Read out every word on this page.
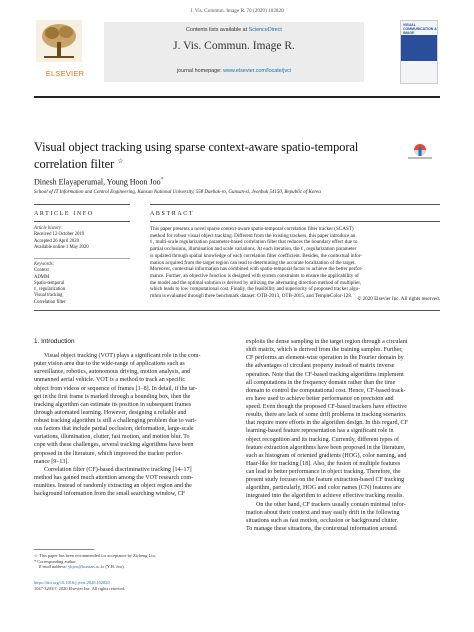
J. Vis. Commun. Image R. 70 (2020) 102820
ELSEVIER
Contents lists available at ScienceDirect
J. Vis. Commun. Image R.
journal homepage: www.elsevier.com/locate/jvci
VISUAL COMMUNICATION & IMAGE
Visual object tracking using sparse context-aware spatio-temporal
correlation filter ☆
Dinesh Elayaperumal, Young Hoon Joo*
School of IT Information and Control Engineering, Kunsan National University, 558 Daehak-ro, Gunsan-si, Jeonbuk 54150, Republic of Korea
ARTICLE INFO	ABSTRACT
Article history:
Received 12 October 2019
Accepted 26 April 2020
Available online 1 May 2020
Keywords:
Context
ADMM
Spatio-temporal
ℓ₁ regularization
Visual tracking
Correlation filter
This paper presents a novel sparse context-aware spatio-temporal correlation filter tracker (SCAST)
method for robust visual object tracking. Different from the existing trackers, this paper introduce an
ℓ₁ multi-scale regularization parameter-based correlation filter that reduces the boundary effect due to
partial occlusions, illumination and scale variations. At each iteration, the ℓ₁ regularization parameter
is updated through spatial knowledge of each correlation filter coefficient. Besides, the contextual infor-
mation acquired from the target region can lead to determining the accurate localization of the target.
Moreover, contextual information has combined with spatio-temporal factor to achieve the better perfor-
mance. Further, an objective function is designed with system constraints to ensure the applicability of
the model and the optimal solution is derived by utilizing the alternating direction method of multiplier,
which leads to low computational cost. Finally, the feasibility and superiority of proposed tracker algo-
rithm is evaluated through three benchmark dataset: OTB-2013, OTB-2015, and TempleColor-128.	© 2020 Elsevier Inc. All rights reserved.
1. Introduction
Visual object tracking (VOT) plays a significant role in the com-
puter vision area due to the wide-range of applications such as
surveillance, robotics, autonomous driving, motion analysis, and
unmanned aerial vehicle. VOT is a method to track an specific
object from videos or sequence of frames [1–8]. In detail, if the tar-
get in the first frame is marked through a bounding box, then the
tracking algorithm can estimate its position in subsequent frames
through automated learning. However, designing a reliable and
robust tracking algorithm is still a challenging problem due to vari-
ous factors that include partial occlusion, deformation, large-scale
variations, illumination, clutter, fast motion, and motion blur. To
cope with these challenges, several tracking algorithms have been
proposed in the literature, which improved the tracker perfor-
mance [9–13].
Correlation filter (CF)-based discriminative tracking [14–17]
method has gained much attention among the VOT research com-
munities. Instead of randomly extracting an object region and the
background information from the small searching window, CF
exploits the dense sampling in the target region through a circulant
shift matrix, which is derived from the training samples. Further,
CF performs an element-wise operation in the Fourier domain by
the advantages of circulant property instead of matrix inverse
operation. Note that the CF-based tracking algorithms implement
all computations in the frequency domain rather than the time
domain to control the computational cost. Hence, CF-based track-
ers have used to achieve better performance on precision and
speed. Even though the proposed CF-based trackers have effective
results, there are lack of some drift problems in tracking scenarios
that require more efforts in the algorithm design. In this regard, CF
learning-based feature representation has a significant role in
object recognition and its tracking. Currently, different types of
feature extraction algorithms have been proposed in the literature,
such as histogram of oriented gradients (HOG), color naming, and
Haar-like for tracking [18]. Also, the fusion of multiple features
can lead to better performance in object tracking. Therefore, the
present study focuses on the feature extraction-based CF tracking
algorithm, particularly, HOG and color names (CN) features are
integrated into the algorithm to achieve effective tracking results.
On the other hand, CF trackers usually contain minimal infor-
mation about their context and may easily drift in the following
situations such as fast motion, occlusion or background clutter.
To manage these situations, the contextual information around
☆ This paper has been recommended for acceptance by Zicheng Liu.
* Corresponding author.
E-mail address: yhjoo@kunsan.ac.kr (Y.H. Joo).
https://doi.org/10.1016/j.jvcir.2020.102820
1047-3203/© 2020 Elsevier Inc. All rights reserved.
